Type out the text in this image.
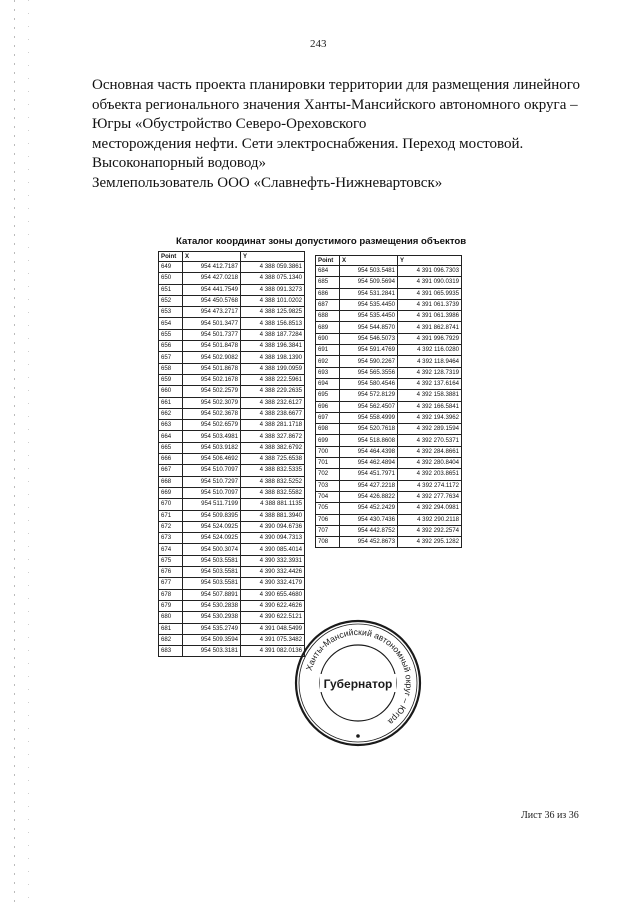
243
Основная часть проекта планировки территории для размещения линейного
объекта регионального значения Ханты-Мансийского автономного округа –
Югры «Обустройство Северо-Ореховского
месторождения нефти. Сети электроснабжения. Переход мостовой.
Высоконапорный водовод»
Землепользователь ООО «Славнефть-Нижневартовск»
Каталог координат зоны допустимого размещения объектов
Point	X	Y
649	954 412.7187	4 388 059.3861
650	954 427.0218	4 388 075.1340
651	954 441.7549	4 388 091.3273
652	954 450.5768	4 388 101.0202
653	954 473.2717	4 388 125.9825
654	954 501.3477	4 388 156.8513
655	954 501.7377	4 388 187.7284
656	954 501.8478	4 388 196.3841
657	954 502.9082	4 388 198.1390
658	954 501.8678	4 388 199.0959
659	954 502.1678	4 388 222.5961
660	954 502.2579	4 388 229.2635
661	954 502.3079	4 388 232.6127
662	954 502.3678	4 388 238.6677
663	954 502.6579	4 388 281.1718
664	954 503.4981	4 388 327.8672
665	954 503.9182	4 388 382.6792
666	954 506.4692	4 388 725.6538
667	954 510.7097	4 388 832.5335
668	954 510.7297	4 388 832.5252
669	954 510.7097	4 388 832.5582
670	954 511.7199	4 388 881.1135
671	954 509.8395	4 388 881.3940
672	954 524.0925	4 390 094.6736
673	954 524.0925	4 390 094.7313
674	954 500.3074	4 390 085.4014
675	954 503.5581	4 390 332.3931
676	954 503.5581	4 390 332.4426
677	954 503.5581	4 390 332.4179
678	954 507.8891	4 390 655.4680
679	954 530.2838	4 390 622.4626
680	954 530.2938	4 390 622.5121
681	954 535.2749	4 391 048.5499
682	954 509.3594	4 391 075.3482
683	954 503.3181	4 391 082.0136
Point	X	Y
684	954 503.5481	4 391 096.7303
685	954 509.5694	4 391 090.0319
686	954 531.2841	4 391 065.9935
687	954 535.4450	4 391 061.3739
688	954 535.4450	4 391 061.3986
689	954 544.8570	4 391 862.8741
690	954 546.5073	4 391 996.7929
691	954 591.4769	4 392 116.0280
692	954 590.2267	4 392 118.9464
693	954 565.3556	4 392 128.7319
694	954 580.4546	4 392 137.6164
695	954 572.8129	4 392 158.3881
696	954 562.4507	4 392 166.5841
697	954 558.4999	4 392 194.3962
698	954 520.7618	4 392 289.1594
699	954 518.8608	4 392 270.5371
700	954 464.4398	4 392 284.8661
701	954 462.4894	4 392 280.8404
702	954 451.7971	4 392 203.8651
703	954 427.2218	4 392 274.1172
704	954 426.8822	4 392 277.7634
705	954 452.2429	4 392 294.0981
706	954 430.7436	4 392 290.2118
707	954 442.8752	4 392 292.2574
708	954 452.8673	4 392 295.1282
Ханты-Мансийский автономный округ – Югра
Губернатор
Лист 36 из 36
